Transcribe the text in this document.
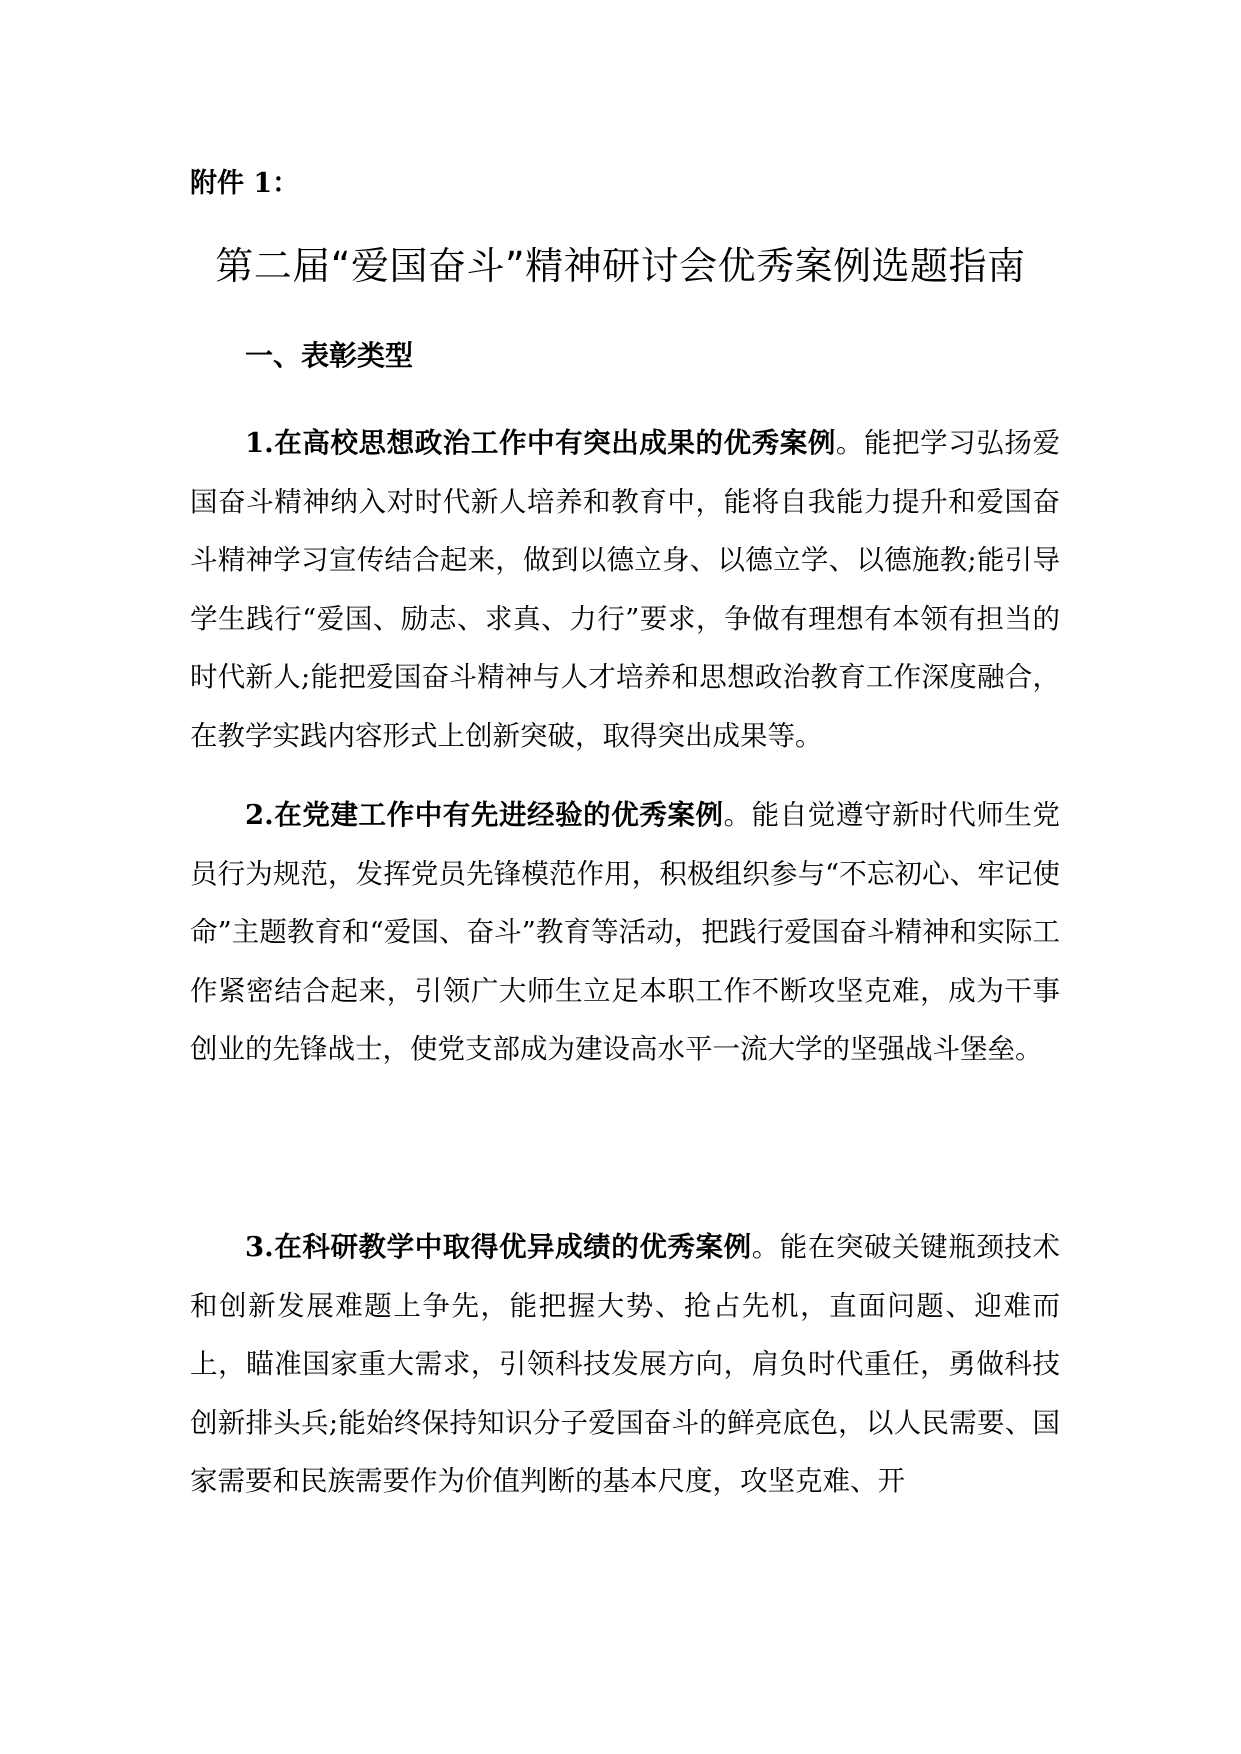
附件 1：
第二届“爱国奋斗”精神研讨会优秀案例选题指南
一、表彰类型

1.在高校思想政治工作中有突出成果的优秀案例。能把学习弘扬爱国奋斗精神纳入对时代新人培养和教育中，能将自我能力提升和爱国奋斗精神学习宣传结合起来，做到以德立身、以德立学、以德施教;能引导学生践行“爱国、励志、求真、力行”要求，争做有理想有本领有担当的时代新人;能把爱国奋斗精神与人才培养和思想政治教育工作深度融合，在教学实践内容形式上创新突破，取得突出成果等。

2.在党建工作中有先进经验的优秀案例。能自觉遵守新时代师生党员行为规范，发挥党员先锋模范作用，积极组织参与“不忘初心、牢记使命”主题教育和“爱国、奋斗”教育等活动，把践行爱国奋斗精神和实际工作紧密结合起来，引领广大师生立足本职工作不断攻坚克难，成为干事创业的先锋战士，使党支部成为建设高水平一流大学的坚强战斗堡垒。

3.在科研教学中取得优异成绩的优秀案例。能在突破关键瓶颈技术和创新发展难题上争先，能把握大势、抢占先机，直面问题、迎难而上，瞄准国家重大需求，引领科技发展方向，肩负时代重任，勇做科技创新排头兵;能始终保持知识分子爱国奋斗的鲜亮底色，以人民需要、国家需要和民族需要作为价值判断的基本尺度，攻坚克难、开
